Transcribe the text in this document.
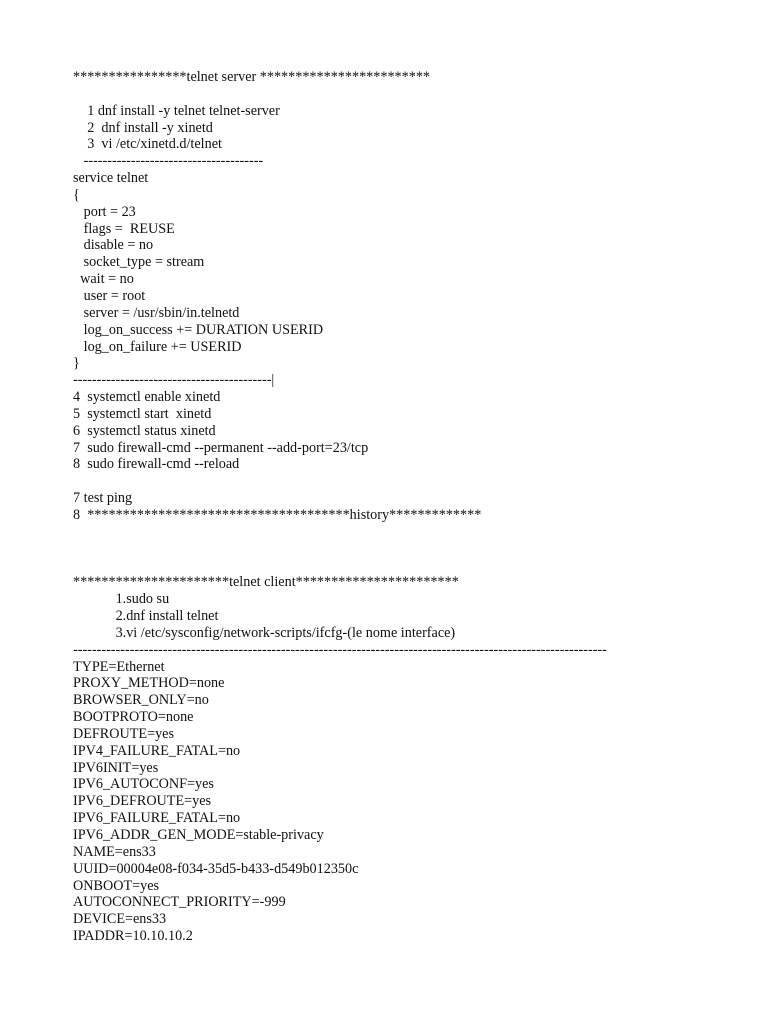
****************telnet server ************************
1 dnf install -y telnet telnet-server
2  dnf install -y xinetd
3  vi /etc/xinetd.d/telnet
--------------------------------------
service telnet
{
port = 23
flags =  REUSE
disable = no
socket_type = stream
wait = no
user = root
server = /usr/sbin/in.telnetd
log_on_success += DURATION USERID
log_on_failure += USERID
}
------------------------------------------|
4  systemctl enable xinetd
5  systemctl start  xinetd
6  systemctl status xinetd
7  sudo firewall-cmd --permanent --add-port=23/tcp
8  sudo firewall-cmd --reload
7 test ping
8  *************************************history*************
**********************telnet client***********************
1.sudo su
2.dnf install telnet
3.vi /etc/sysconfig/network-scripts/ifcfg-(le nome interface)
-----------------------------------------------------------------------------------------------------------------
TYPE=Ethernet
PROXY_METHOD=none
BROWSER_ONLY=no
BOOTPROTO=none
DEFROUTE=yes
IPV4_FAILURE_FATAL=no
IPV6INIT=yes
IPV6_AUTOCONF=yes
IPV6_DEFROUTE=yes
IPV6_FAILURE_FATAL=no
IPV6_ADDR_GEN_MODE=stable-privacy
NAME=ens33
UUID=00004e08-f034-35d5-b433-d549b012350c
ONBOOT=yes
AUTOCONNECT_PRIORITY=-999
DEVICE=ens33
IPADDR=10.10.10.2
